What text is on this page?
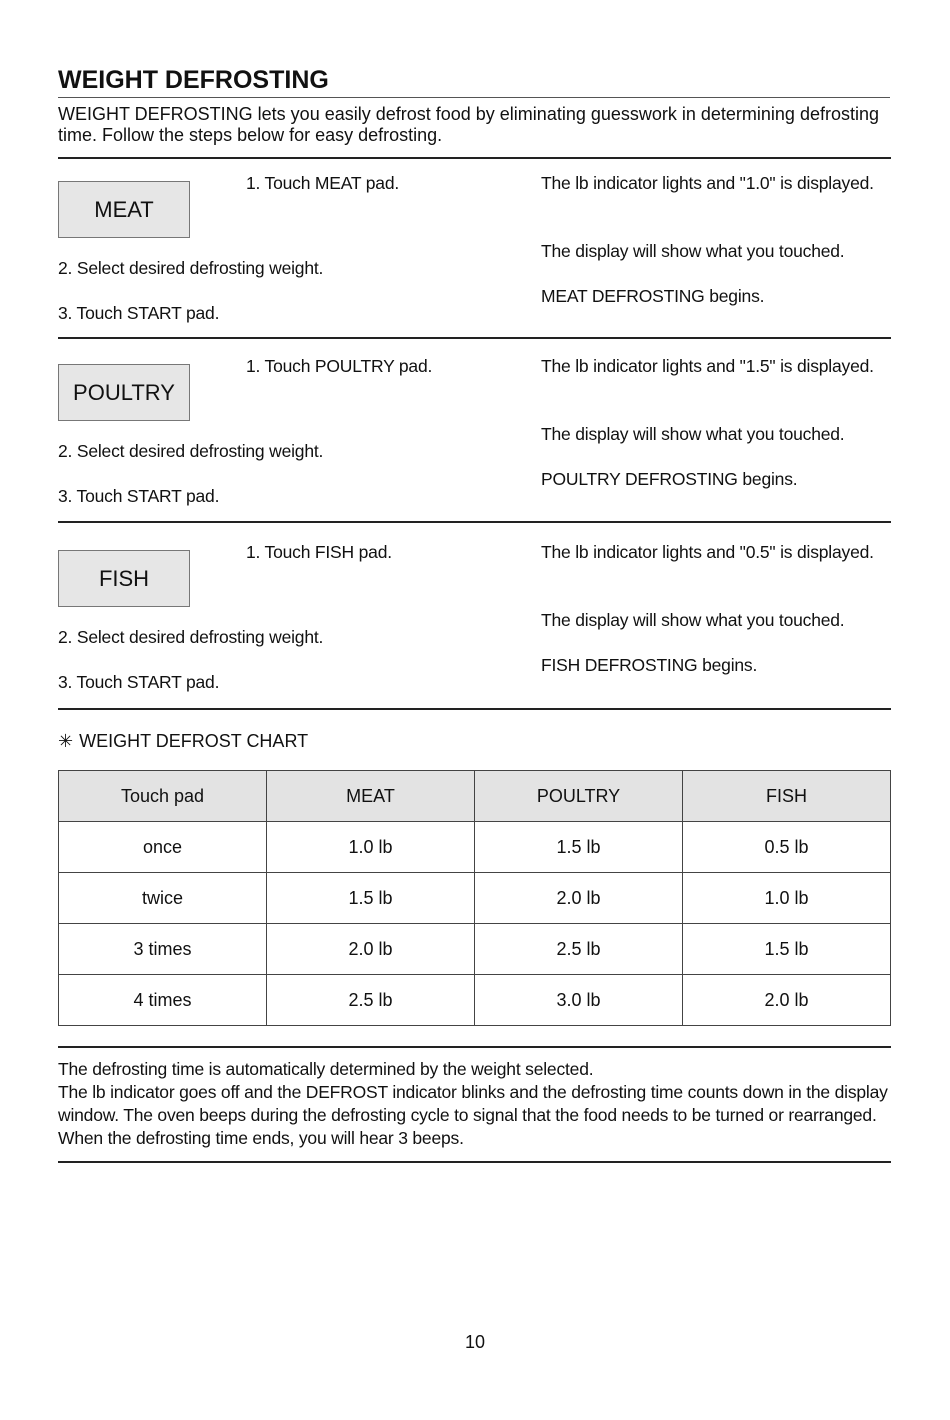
WEIGHT DEFROSTING
WEIGHT DEFROSTING lets you easily defrost food by eliminating guesswork in determining defrosting time. Follow the steps below for easy defrosting.
MEAT
1. Touch MEAT pad.
2. Select desired defrosting weight.
3. Touch START pad.
The lb indicator lights and "1.0" is displayed.
The display will show what you touched.
MEAT DEFROSTING begins.
POULTRY
1. Touch POULTRY pad.
2. Select desired defrosting weight.
3. Touch START pad.
The lb indicator lights and "1.5" is displayed.
The display will show what you touched.
POULTRY DEFROSTING begins.
FISH
1. Touch FISH pad.
2. Select desired defrosting weight.
3. Touch START pad.
The lb indicator lights and "0.5" is displayed.
The display will show what you touched.
FISH DEFROSTING begins.
✳ WEIGHT DEFROST CHART
Touch pad	MEAT	POULTRY	FISH
once	1.0 lb	1.5 lb	0.5 lb
twice	1.5 lb	2.0 lb	1.0 lb
3 times	2.0 lb	2.5 lb	1.5 lb
4 times	2.5 lb	3.0 lb	2.0 lb

The defrosting time is automatically determined by the weight selected.

The lb indicator goes off and the DEFROST indicator blinks and the defrosting time counts down in the display window. The oven beeps during the defrosting cycle to signal that the food needs to be turned or rearranged. When the defrosting time ends, you will hear 3 beeps.

10
